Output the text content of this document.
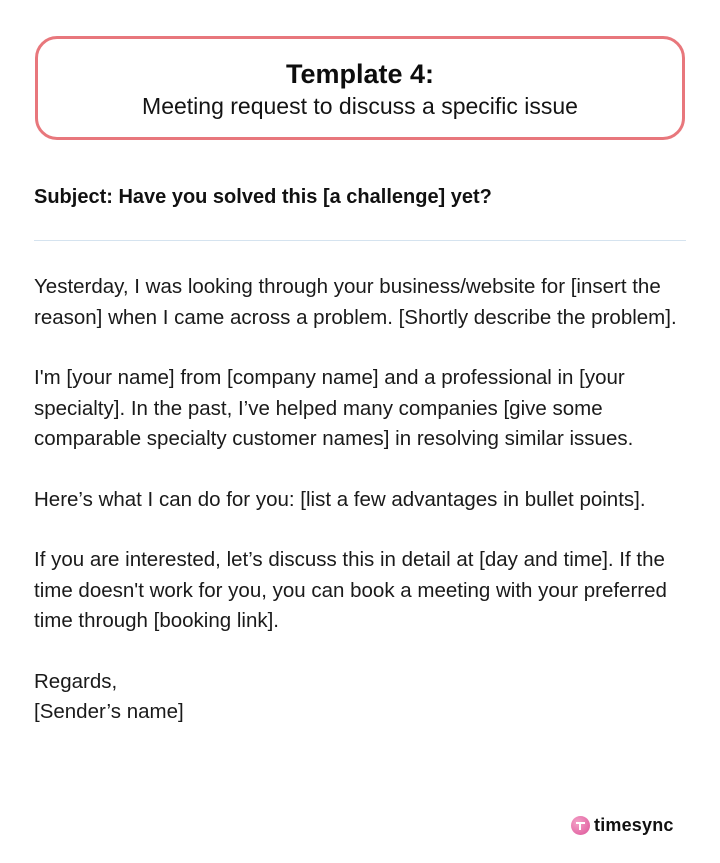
Template 4:
Meeting request to discuss a specific issue
Subject: Have you solved this [a challenge] yet?

Yesterday, I was looking through your business/website for [insert the reason] when I came across a problem. [Shortly describe the problem].

I'm [your name] from [company name] and a professional in [your specialty]. In the past, I’ve helped many companies [give some comparable specialty customer names] in resolving similar issues.

Here’s what I can do for you: [list a few advantages in bullet points].

If you are interested, let’s discuss this in detail at [day and time]. If the time doesn't work for you, you can book a meeting with your preferred time through [booking link].

Regards,
[Sender’s name]

timesync
